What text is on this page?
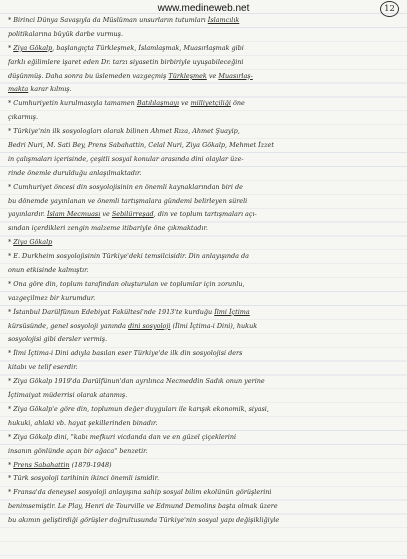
www.medineweb.net	12
* Birinci Dünya Savaşıyla da Müslüman unsurların tutumları İslamcılık
politikalarına büyük darbe vurmuş.
* Ziya Gökalp, başlangıçta Türkleşmek, İslamlaşmak, Muasırlaşmak gibi
farklı eğilimlere işaret eden Dr. tarzı siyasetin birbiriyle uyuşabileceğini
düşünmüş. Daha sonra bu üslemeden vazgeçmiş Türkleşmek ve Muasırlaş-
makta karar kılmış.
* Cumhuriyetin kurulmasıyla tamamen Batılılaşmayı ve milliyetçiliği öne
çıkarmış.
* Türkiye'nin ilk sosyologları olarak bilinen Ahmet Rıza, Ahmet Şuayip,
Bedri Nuri, M. Sati Bey, Prens Sabahattin, Celal Nuri, Ziya Gökalp, Mehmet İzzet
in çalışmaları içerisinde, çeşitli sosyal konular arasında dini olaylar üze-
rinde önemle durulduğu anlaşılmaktadır.
* Cumhuriyet öncesi din sosyolojisinin en önemli kaynaklarından biri de
bu dönemde yayınlanan ve önemli tartışmalara gündemi belirleyen süreli
yayınlardır. İslam Mecmuası ve Sebilürreşad, din ve toplum tartışmaları açı-
sından içerdikleri zengin malzeme itibariyle öne çıkmaktadır.
* Ziya Gökalp
* E. Durkheim sosyolojisinin Türkiye'deki temsilcisidir. Din anlayışında da
onun etkisinde kalmıştır.
* Ona göre din, toplum tarafından oluşturulan ve toplumlar için zorunlu,
vazgeçilmez bir kurumdur.
* İstanbul Darülfünun Edebiyat Fakültesi'nde 1913'te kurduğu İlmi İçtima
kürsüsünde, genel sosyoloji yanında dini sosyoloji (İlmi İçtima-i Dini), hukuk
sosyolojisi gibi dersler vermiş.
* İlmi İçtima-i Dini adıyla basılan eser Türkiye'de ilk din sosyolojisi ders
kitabı ve telif eserdir.
* Ziya Gökalp 1919'da Darülfünun'dan ayrılınca Necmeddin Sadık onun yerine
İçtimaiyat müderrisi olarak atanmış.
* Ziya Gökalp'e göre din, toplumun değer duyguları ile karışık ekonomik, siyasi,
hukuki, ahlaki vb. hayat şekillerinden binadır.
* Ziya Gökalp dini, "kabı mefkuri vicdanda dan ve en güzel çiçeklerini
insanın gönlünde açan bir ağaca" benzetir.
* Prens Sabahattin (1879-1948)
* Türk sosyoloji tarihinin ikinci önemli ismidir.
* Fransa'da deneysel sosyoloji anlayışına sahip sosyal bilim ekolünün görüşlerini
benimsemiştir. Le Play, Henri de Tourville ve Edmund Demolins başta olmak üzere
bu akımın geliştirdiği görüşler doğrultusunda Türkiye'nin sosyal yapı değişikliğiyle
